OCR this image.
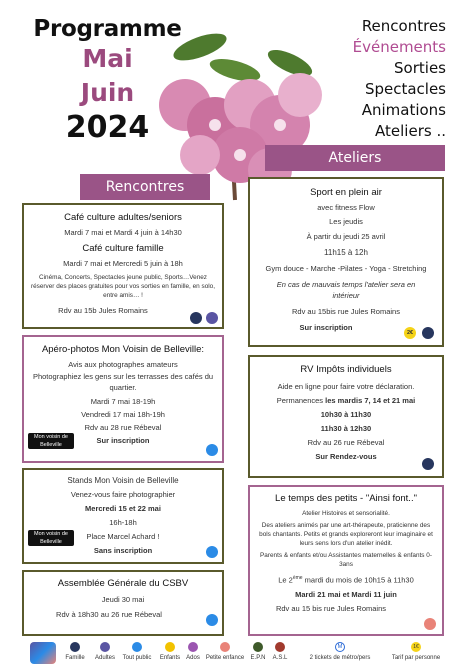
Programme
Mai
Juin
2024
Rencontres
Événements
Sorties
Spectacles
Animations
Ateliers ..
Rencontres
Ateliers
Café culture adultes/seniors
Mardi 7 mai et Mardi 4 juin à 14h30
Café culture famille
Mardi 7 mai et Mercredi 5 juin à 18h
Cinéma, Concerts, Spectacles jeune public, Sports…Venez réserver des places gratuites pour vos sorties en famille, en solo, entre amis… !
Rdv au 15b Jules Romains
Apéro-photos Mon Voisin de Belleville:
Avis aux photographes amateurs
Photographiez les gens sur les terrasses des cafés du quartier.
Mardi 7 mai 18-19h
Vendredi 17 mai 18h-19h
Rdv au 28 rue Rébeval
Sur inscription
Mon voisin de Belleville
Stands Mon Voisin de Belleville
Venez-vous faire photographier
Mercredi 15 et 22 mai
16h-18h
Place Marcel Achard !
Sans inscription
Mon voisin de Belleville
Assemblée Générale du CSBV
Jeudi 30 mai
Rdv à 18h30 au 26 rue Rébeval
Sport en plein air
avec fitness Flow
Les jeudis
À partir du jeudi 25 avril
11h15 à 12h
Gym douce - Marche -Pilates - Yoga - Stretching
En cas de mauvais temps l'atelier sera en intérieur
Rdv au 15bis rue Jules Romains
Sur inscription
2€
RV Impôts individuels
Aide en ligne pour faire votre déclaration.
Permanences les mardis 7, 14 et 21 mai
10h30 à 11h30
11h30 à 12h30
Rdv au 26 rue Rébeval
Sur Rendez-vous
Le temps des petits - "Ainsi font.."
Atelier Histoires et sensorialité.
Des ateliers animés par une art-thérapeute, praticienne des bols chantants. Petits et grands exploreront leur imaginaire et leurs sens lors d'un atelier inédit.
Parents & enfants et/ou Assistantes maternelles & enfants 0-3ans
Le 2ème mardi du mois de 10h15 à 11h30
Mardi 21 mai et Mardi 11 juin
Rdv au 15 bis rue Jules Romains
Famille	Adultes	Tout public	Enfants Ados Petite enfance	E.P.N	A.S.L
M
2 tickets de métro/pers
1€
Tarif par personne
